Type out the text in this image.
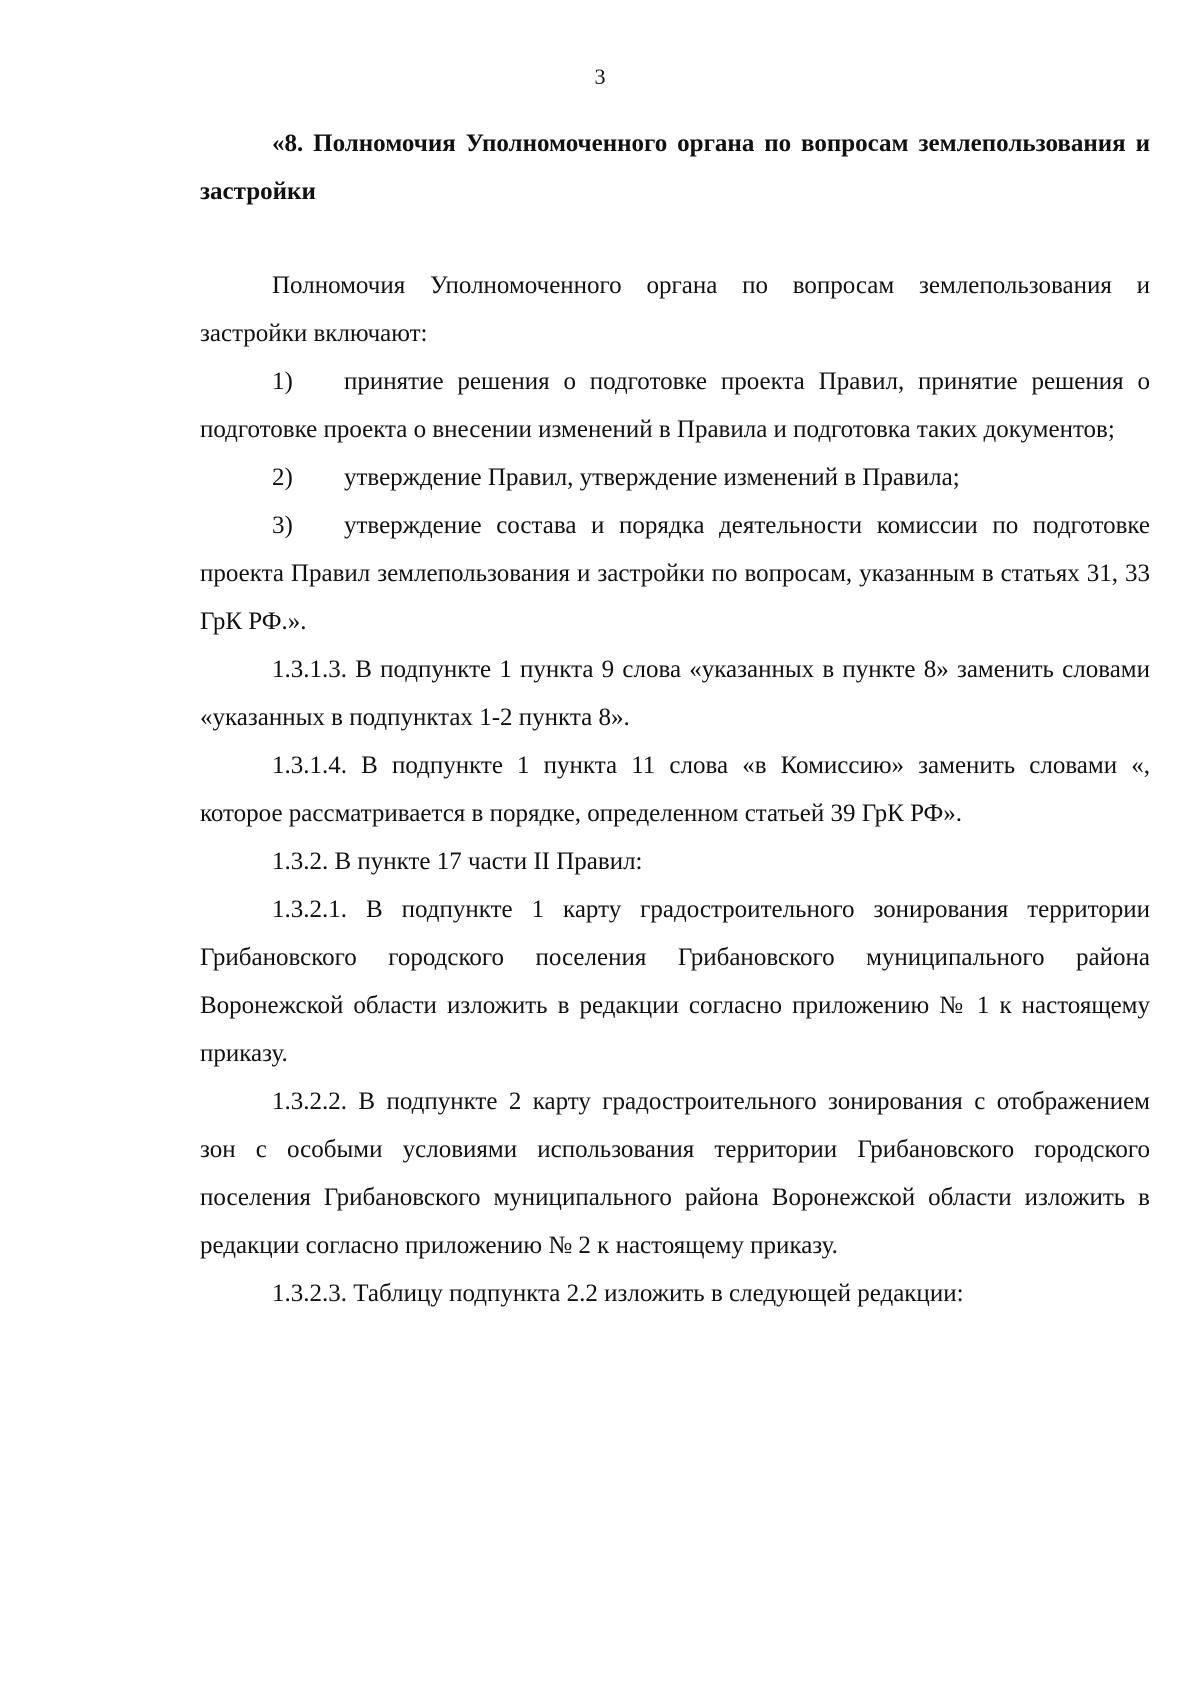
3

«8. Полномочия Уполномоченного органа по вопросам землепользования и застройки

Полномочия Уполномоченного органа по вопросам землепользования и застройки включают:

1) принятие решения о подготовке проекта Правил, принятие решения о подготовке проекта о внесении изменений в Правила и подготовка таких документов;

2) утверждение Правил, утверждение изменений в Правила;

3) утверждение состава и порядка деятельности комиссии по подготовке проекта Правил землепользования и застройки по вопросам, указанным в статьях 31, 33 ГрК РФ.».

1.3.1.3. В подпункте 1 пункта 9 слова «указанных в пункте 8» заменить словами «указанных в подпунктах 1-2 пункта 8».

1.3.1.4. В подпункте 1 пункта 11 слова «в Комиссию» заменить словами «, которое рассматривается в порядке, определенном статьей 39 ГрК РФ».

1.3.2. В пункте 17 части II Правил:

1.3.2.1. В подпункте 1 карту градостроительного зонирования территории Грибановского городского поселения Грибановского муниципального района Воронежской области изложить в редакции согласно приложению № 1 к настоящему приказу.

1.3.2.2. В подпункте 2 карту градостроительного зонирования с отображением зон с особыми условиями использования территории Грибановского городского поселения Грибановского муниципального района Воронежской области изложить в редакции согласно приложению № 2 к настоящему приказу.

1.3.2.3. Таблицу подпункта 2.2 изложить в следующей редакции:
